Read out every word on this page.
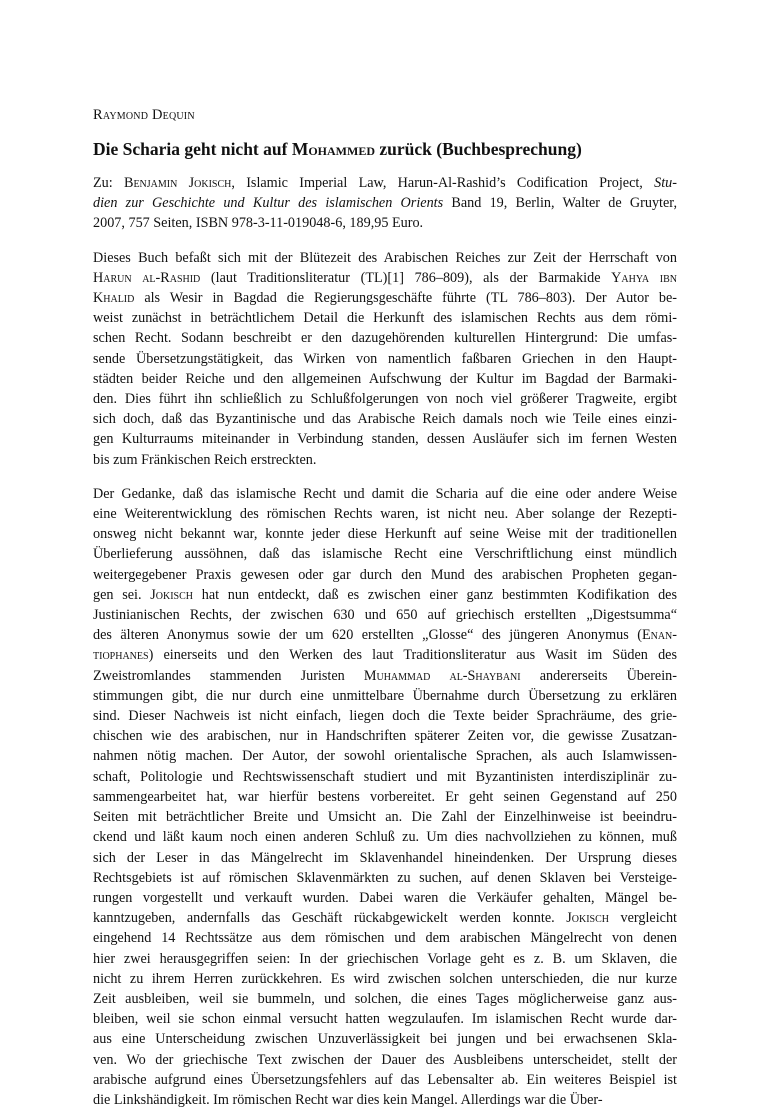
Raymond Dequin

Die Scharia geht nicht auf Mohammed zurück (Buchbesprechung)

Zu: Benjamin Jokisch, Islamic Imperial Law, Harun-Al-Rashid’s Codification Project, Stu-
dien zur Geschichte und Kultur des islamischen Orients Band 19, Berlin, Walter de Gruyter,
2007, 757 Seiten, ISBN 978-3-11-019048-6, 189,95 Euro.

Dieses Buch befaßt sich mit der Blütezeit des Arabischen Reiches zur Zeit der Herrschaft von
Harun al-Rashid (laut Traditionsliteratur (TL)[1] 786–809), als der Barmakide Yahya ibn
Khalid als Wesir in Bagdad die Regierungsgeschäfte führte (TL 786–803). Der Autor be-
weist zunächst in beträchtlichem Detail die Herkunft des islamischen Rechts aus dem römi-
schen Recht. Sodann beschreibt er den dazugehörenden kulturellen Hintergrund: Die umfas-
sende Übersetzungstätigkeit, das Wirken von namentlich faßbaren Griechen in den Haupt-
städten beider Reiche und den allgemeinen Aufschwung der Kultur im Bagdad der Barmaki-
den. Dies führt ihn schließlich zu Schlußfolgerungen von noch viel größerer Tragweite, ergibt
sich doch, daß das Byzantinische und das Arabische Reich damals noch wie Teile eines einzi-
gen Kulturraums miteinander in Verbindung standen, dessen Ausläufer sich im fernen Westen
bis zum Fränkischen Reich erstreckten.

Der Gedanke, daß das islamische Recht und damit die Scharia auf die eine oder andere Weise
eine Weiterentwicklung des römischen Rechts waren, ist nicht neu. Aber solange der Rezepti-
onsweg nicht bekannt war, konnte jeder diese Herkunft auf seine Weise mit der traditionellen
Überlieferung aussöhnen, daß das islamische Recht eine Verschriftlichung einst mündlich
weitergegebener Praxis gewesen oder gar durch den Mund des arabischen Propheten gegan-
gen sei. Jokisch hat nun entdeckt, daß es zwischen einer ganz bestimmten Kodifikation des
Justinianischen Rechts, der zwischen 630 und 650 auf griechisch erstellten „Digestsumma“
des älteren Anonymus sowie der um 620 erstellten „Glosse“ des jüngeren Anonymus (Enan-
tiophanes) einerseits und den Werken des laut Traditionsliteratur aus Wasit im Süden des
Zweistromlandes stammenden Juristen Muhammad al-Shaybani andererseits Überein-
stimmungen gibt, die nur durch eine unmittelbare Übernahme durch Übersetzung zu erklären
sind. Dieser Nachweis ist nicht einfach, liegen doch die Texte beider Sprachräume, des grie-
chischen wie des arabischen, nur in Handschriften späterer Zeiten vor, die gewisse Zusatzan-
nahmen nötig machen. Der Autor, der sowohl orientalische Sprachen, als auch Islamwissen-
schaft, Politologie und Rechtswissenschaft studiert und mit Byzantinisten interdisziplinär zu-
sammengearbeitet hat, war hierfür bestens vorbereitet. Er geht seinen Gegenstand auf 250
Seiten mit beträchtlicher Breite und Umsicht an. Die Zahl der Einzelhinweise ist beeindru-
ckend und läßt kaum noch einen anderen Schluß zu. Um dies nachvollziehen zu können, muß
sich der Leser in das Mängelrecht im Sklavenhandel hineindenken. Der Ursprung dieses
Rechtsgebiets ist auf römischen Sklavenmärkten zu suchen, auf denen Sklaven bei Versteige-
rungen vorgestellt und verkauft wurden. Dabei waren die Verkäufer gehalten, Mängel be-
kanntzugeben, andernfalls das Geschäft rückabgewickelt werden konnte. Jokisch vergleicht
eingehend 14 Rechtssätze aus dem römischen und dem arabischen Mängelrecht von denen
hier zwei herausgegriffen seien: In der griechischen Vorlage geht es z. B. um Sklaven, die
nicht zu ihrem Herren zurückkehren. Es wird zwischen solchen unterschieden, die nur kurze
Zeit ausbleiben, weil sie bummeln, und solchen, die eines Tages möglicherweise ganz aus-
bleiben, weil sie schon einmal versucht hatten wegzulaufen. Im islamischen Recht wurde dar-
aus eine Unterscheidung zwischen Unzuverlässigkeit bei jungen und bei erwachsenen Skla-
ven. Wo der griechische Text zwischen der Dauer des Ausbleibens unterscheidet, stellt der
arabische aufgrund eines Übersetzungsfehlers auf das Lebensalter ab. Ein weiteres Beispiel ist
die Linkshändigkeit. Im römischen Recht war dies kein Mangel. Allerdings war die Über-
